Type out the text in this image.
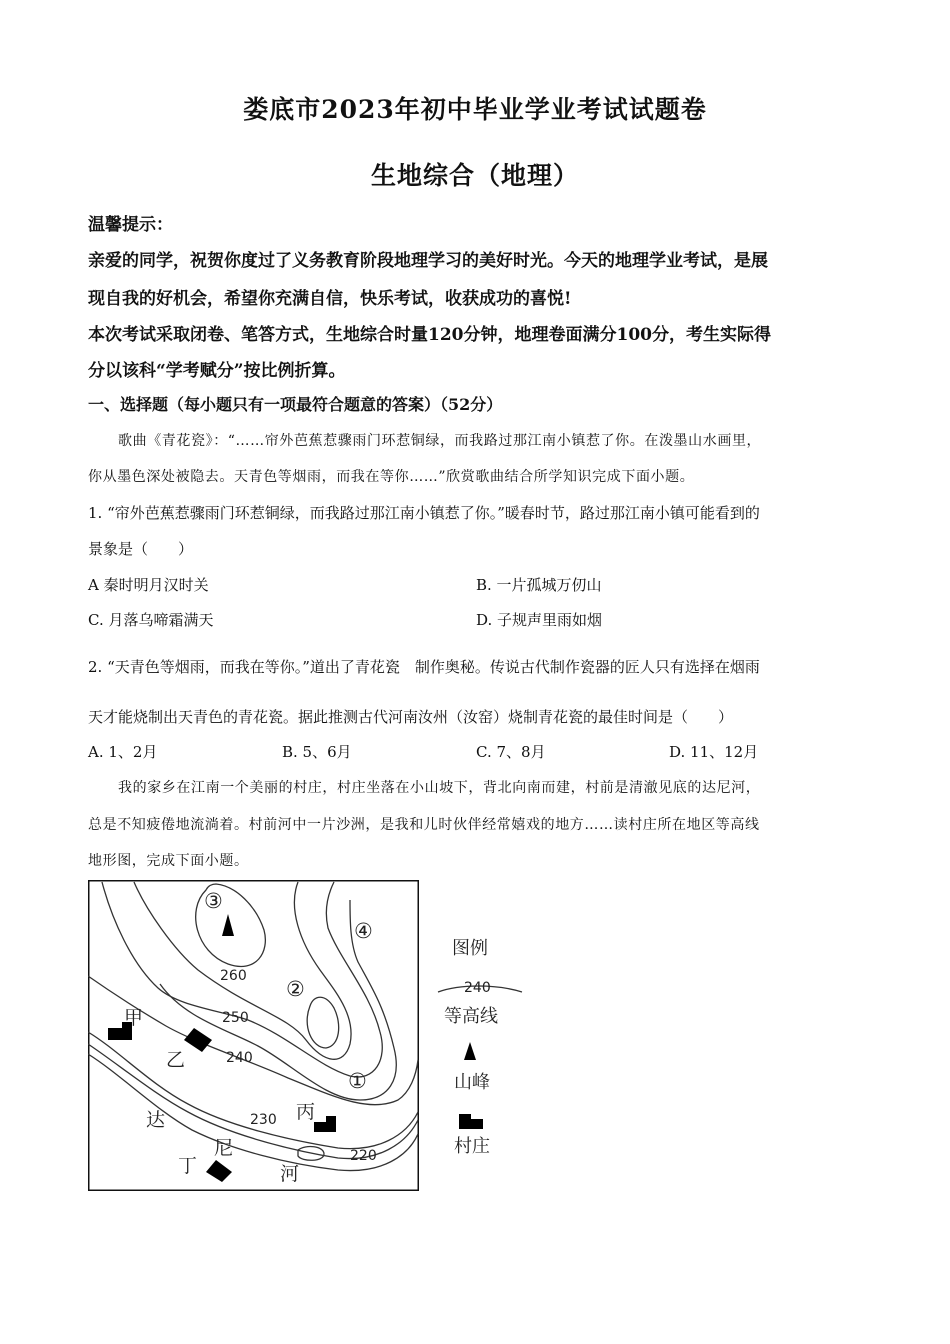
娄底市2023年初中毕业学业考试试题卷
生地综合（地理）
温馨提示：
亲爱的同学，祝贺你度过了义务教育阶段地理学习的美好时光。今天的地理学业考试，是展
现自我的好机会，希望你充满自信，快乐考试，收获成功的喜悦!
本次考试采取闭卷、笔答方式，生地综合时量120分钟，地理卷面满分100分，考生实际得
分以该科“学考赋分”按比例折算。
一、选择题（每小题只有一项最符合题意的答案）（52分）
歌曲《青花瓷》：“……帘外芭蕉惹骤雨门环惹铜绿，而我路过那江南小镇惹了你。在泼墨山水画里，
你从墨色深处被隐去。天青色等烟雨，而我在等你……”欣赏歌曲结合所学知识完成下面小题。
1. “帘外芭蕉惹骤雨门环惹铜绿，而我路过那江南小镇惹了你。”暖春时节，路过那江南小镇可能看到的
景象是（　　）
A 秦时明月汉时关	B. 一片孤城万仞山
C. 月落乌啼霜满天	D. 子规声里雨如烟
2. “天青色等烟雨，而我在等你。”道出了青花瓷　制作奥秘。传说古代制作瓷器的匠人只有选择在烟雨
天才能烧制出天青色的青花瓷。据此推测古代河南汝州（汝窑）烧制青花瓷的最佳时间是（　　）
A. 1、2月	B. 5、6月	C. 7、8月	D. 11、12月
我的家乡在江南一个美丽的村庄，村庄坐落在小山坡下，背北向南而建，村前是清澈见底的达尼河，
总是不知疲倦地流淌着。村前河中一片沙洲，是我和儿时伙伴经常嬉戏的地方……读村庄所在地区等高线
地形图，完成下面小题。
260
250
240
230
220
①
②
③
④
甲
乙
丙
丁
达
尼
河
图例
240
等高线
山峰
村庄
